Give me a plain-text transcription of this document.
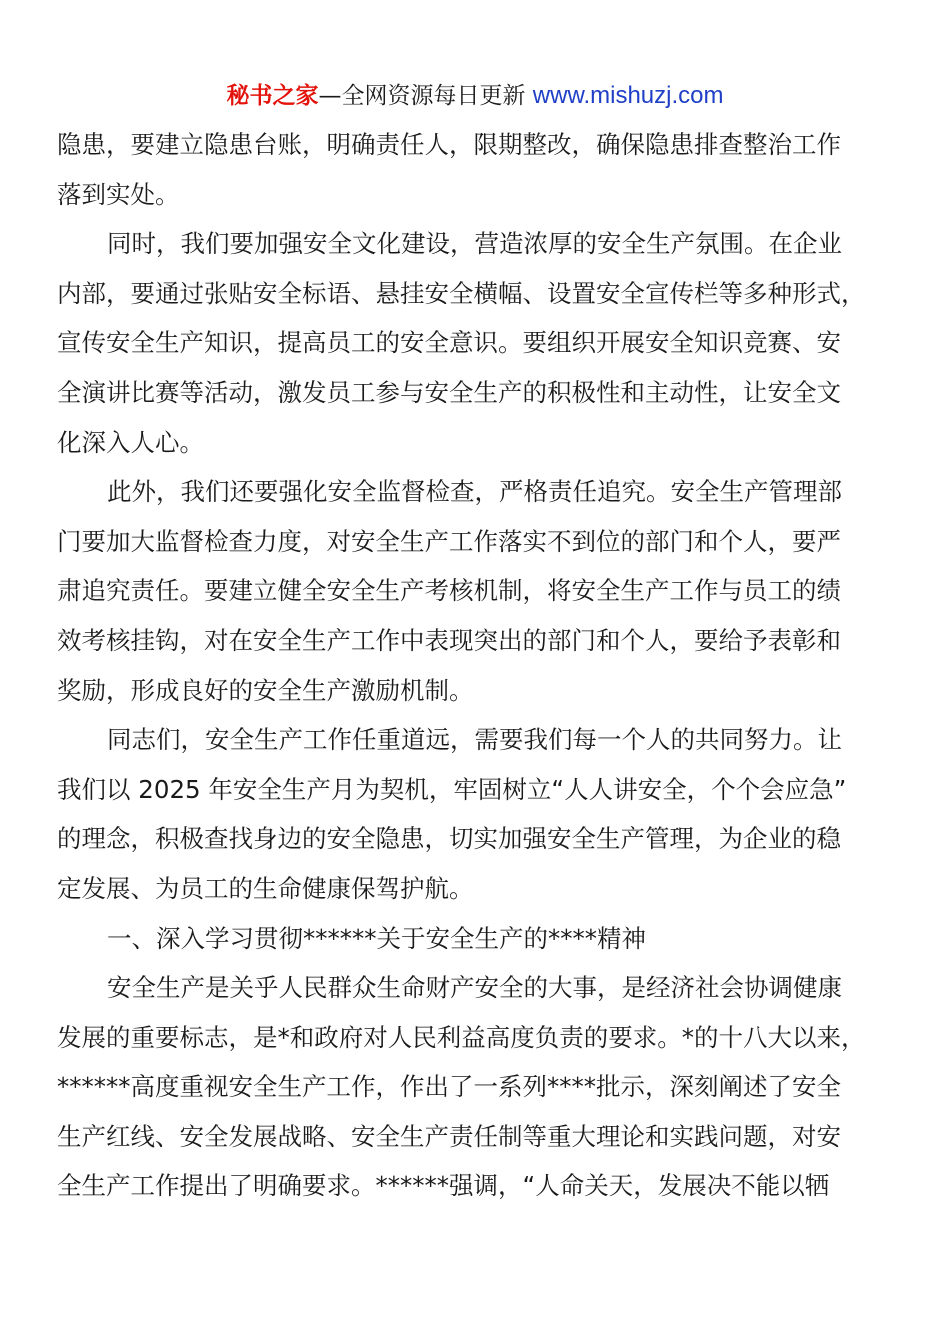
秘书之家—全网资源每日更新 www.mishuzj.com
隐患，要建立隐患台账，明确责任人，限期整改，确保隐患排查整治工作
落到实处。
同时，我们要加强安全文化建设，营造浓厚的安全生产氛围。在企业
内部，要通过张贴安全标语、悬挂安全横幅、设置安全宣传栏等多种形式，
宣传安全生产知识，提高员工的安全意识。要组织开展安全知识竞赛、安
全演讲比赛等活动，激发员工参与安全生产的积极性和主动性，让安全文
化深入人心。
此外，我们还要强化安全监督检查，严格责任追究。安全生产管理部
门要加大监督检查力度，对安全生产工作落实不到位的部门和个人，要严
肃追究责任。要建立健全安全生产考核机制，将安全生产工作与员工的绩
效考核挂钩，对在安全生产工作中表现突出的部门和个人，要给予表彰和
奖励，形成良好的安全生产激励机制。
同志们，安全生产工作任重道远，需要我们每一个人的共同努力。让
我们以 2025 年安全生产月为契机，牢固树立“人人讲安全，个个会应急”
的理念，积极查找身边的安全隐患，切实加强安全生产管理，为企业的稳
定发展、为员工的生命健康保驾护航。
一、深入学习贯彻******关于安全生产的****精神
安全生产是关乎人民群众生命财产安全的大事，是经济社会协调健康
发展的重要标志，是*和政府对人民利益高度负责的要求。*的十八大以来，
******高度重视安全生产工作，作出了一系列****批示，深刻阐述了安全
生产红线、安全发展战略、安全生产责任制等重大理论和实践问题，对安
全生产工作提出了明确要求。******强调，“人命关天，发展决不能以牺
